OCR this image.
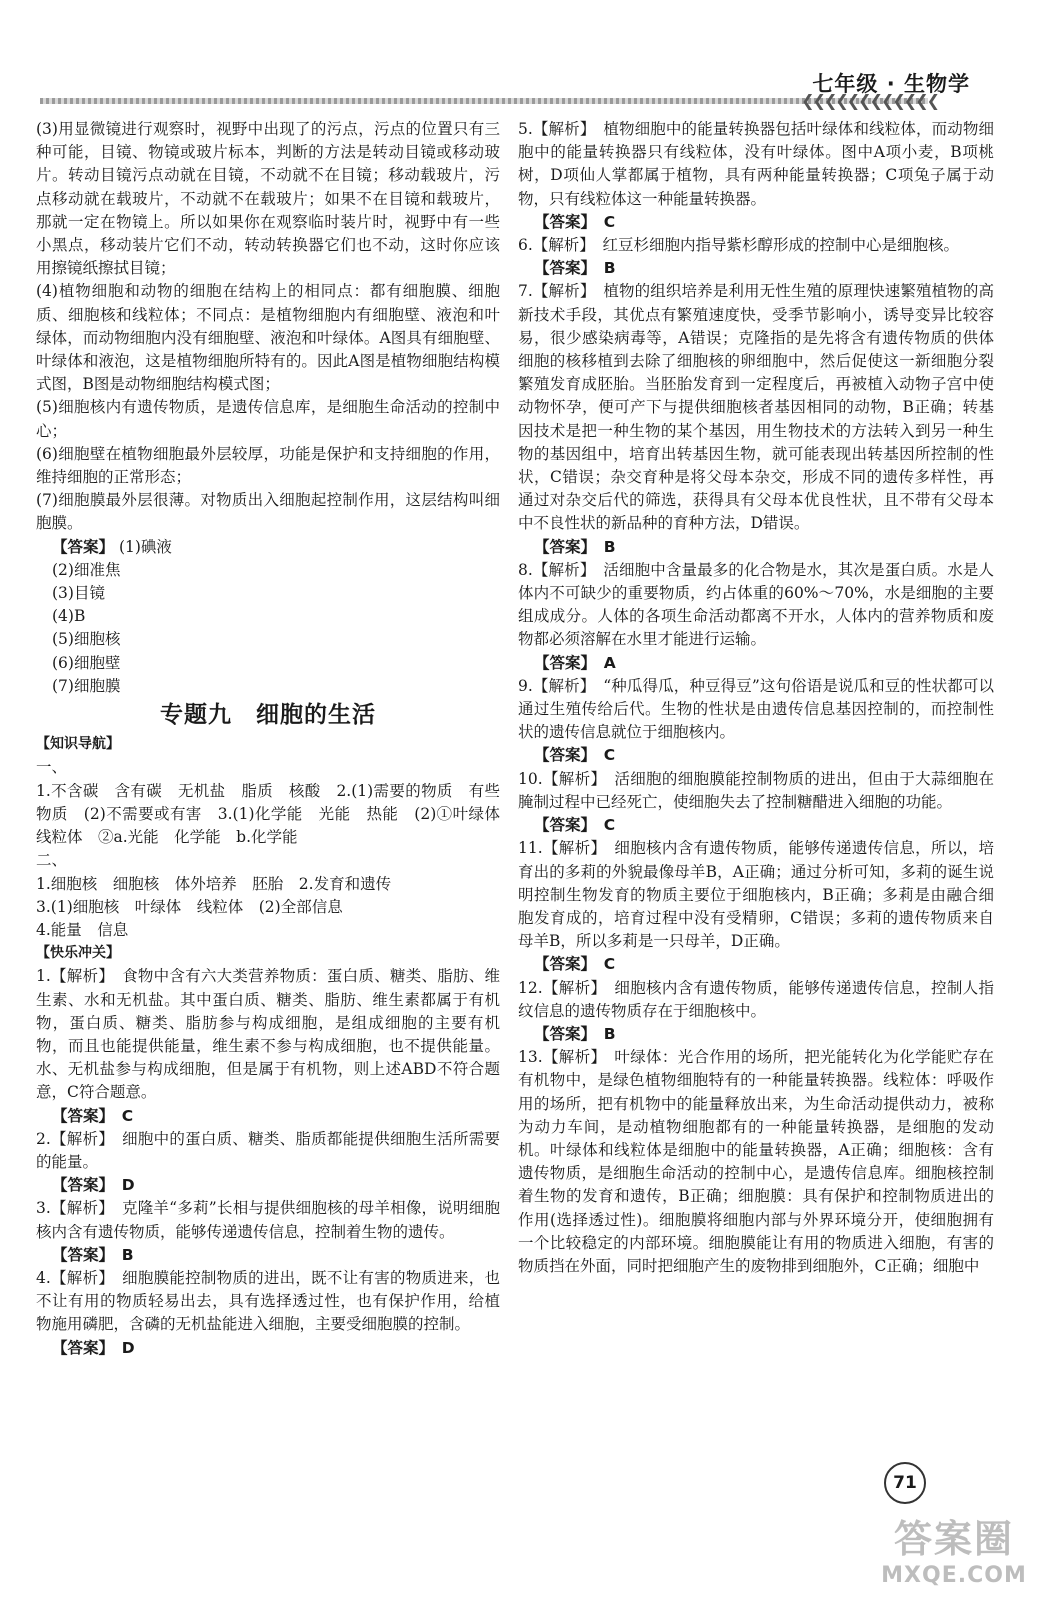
❮❮❮❮❮❮❮❮❮❮❮❮
七年级 · 生物学

(3)用显微镜进行观察时，视野中出现了的污点，污点的位置只有三种可能，目镜、物镜或玻片标本，判断的方法是转动目镜或移动玻片。转动目镜污点动就在目镜，不动就不在目镜；移动载玻片，污点移动就在载玻片，不动就不在载玻片；如果不在目镜和载玻片，那就一定在物镜上。所以如果你在观察临时装片时，视野中有一些小黑点，移动装片它们不动，转动转换器它们也不动，这时你应该用擦镜纸擦拭目镜；

(4)植物细胞和动物的细胞在结构上的相同点：都有细胞膜、细胞质、细胞核和线粒体；不同点：是植物细胞内有细胞壁、液泡和叶绿体，而动物细胞内没有细胞壁、液泡和叶绿体。A图具有细胞壁、叶绿体和液泡，这是植物细胞所特有的。因此A图是植物细胞结构模式图，B图是动物细胞结构模式图；

(5)细胞核内有遗传物质，是遗传信息库，是细胞生命活动的控制中心；

(6)细胞壁在植物细胞最外层较厚，功能是保护和支持细胞的作用，维持细胞的正常形态；

(7)细胞膜最外层很薄。对物质出入细胞起控制作用，这层结构叫细胞膜。

【答案】 (1)碘液

(2)细准焦

(3)目镜

(4)B

(5)细胞核

(6)细胞壁

(7)细胞膜

专题九　细胞的生活

【知识导航】

一、

1.不含碳　含有碳　无机盐　脂质　核酸　2.(1)需要的物质　有些物质　(2)不需要或有害　3.(1)化学能　光能　热能　(2)①叶绿体　线粒体　②a.光能　化学能　b.化学能

二、

1.细胞核　细胞核　体外培养　胚胎　2.发育和遗传

3.(1)细胞核　叶绿体　线粒体　(2)全部信息

4.能量　信息

【快乐冲关】

1.【解析】　食物中含有六大类营养物质：蛋白质、糖类、脂肪、维生素、水和无机盐。其中蛋白质、糖类、脂肪、维生素都属于有机物，蛋白质、糖类、脂肪参与构成细胞，是组成细胞的主要有机物，而且也能提供能量，维生素不参与构成细胞，也不提供能量。水、无机盐参与构成细胞，但是属于有机物，则上述ABD不符合题意，C符合题意。

【答案】　C

2.【解析】　细胞中的蛋白质、糖类、脂质都能提供细胞生活所需要的能量。

【答案】　D

3.【解析】　克隆羊“多莉”长相与提供细胞核的母羊相像，说明细胞核内含有遗传物质，能够传递遗传信息，控制着生物的遗传。

【答案】　B

4.【解析】　细胞膜能控制物质的进出，既不让有害的物质进来，也不让有用的物质轻易出去，具有选择透过性，也有保护作用，给植物施用磷肥，含磷的无机盐能进入细胞，主要受细胞膜的控制。

【答案】　D

5.【解析】　植物细胞中的能量转换器包括叶绿体和线粒体，而动物细胞中的能量转换器只有线粒体，没有叶绿体。图中A项小麦，B项桃树，D项仙人掌都属于植物，具有两种能量转换器；C项兔子属于动物，只有线粒体这一种能量转换器。

【答案】　C

6.【解析】　红豆杉细胞内指导紫杉醇形成的控制中心是细胞核。

【答案】　B

7.【解析】　植物的组织培养是利用无性生殖的原理快速繁殖植物的高新技术手段，其优点有繁殖速度快，受季节影响小，诱导变异比较容易，很少感染病毒等，A错误；克隆指的是先将含有遗传物质的供体细胞的核移植到去除了细胞核的卵细胞中，然后促使这一新细胞分裂繁殖发育成胚胎。当胚胎发育到一定程度后，再被植入动物子宫中使动物怀孕，便可产下与提供细胞核者基因相同的动物，B正确；转基因技术是把一种生物的某个基因，用生物技术的方法转入到另一种生物的基因组中，培育出转基因生物，就可能表现出转基因所控制的性状，C错误；杂交育种是将父母本杂交，形成不同的遗传多样性，再通过对杂交后代的筛选，获得具有父母本优良性状，且不带有父母本中不良性状的新品种的育种方法，D错误。

【答案】　B

8.【解析】　活细胞中含量最多的化合物是水，其次是蛋白质。水是人体内不可缺少的重要物质，约占体重的60%～70%，水是细胞的主要组成成分。人体的各项生命活动都离不开水，人体内的营养物质和废物都必须溶解在水里才能进行运输。

【答案】　A

9.【解析】　“种瓜得瓜，种豆得豆”这句俗语是说瓜和豆的性状都可以通过生殖传给后代。生物的性状是由遗传信息基因控制的，而控制性状的遗传信息就位于细胞核内。

【答案】　C

10.【解析】　活细胞的细胞膜能控制物质的进出，但由于大蒜细胞在腌制过程中已经死亡，使细胞失去了控制糖醋进入细胞的功能。

【答案】　C

11.【解析】　细胞核内含有遗传物质，能够传递遗传信息，所以，培育出的多莉的外貌最像母羊B，A正确；通过分析可知，多莉的诞生说明控制生物发育的物质主要位于细胞核内，B正确；多莉是由融合细胞发育成的，培育过程中没有受精卵，C错误；多莉的遗传物质来自母羊B，所以多莉是一只母羊，D正确。

【答案】　C

12.【解析】　细胞核内含有遗传物质，能够传递遗传信息，控制人指纹信息的遗传物质存在于细胞核中。

【答案】　B

13.【解析】　叶绿体：光合作用的场所，把光能转化为化学能贮存在有机物中，是绿色植物细胞特有的一种能量转换器。线粒体：呼吸作用的场所，把有机物中的能量释放出来，为生命活动提供动力，被称为动力车间，是动植物细胞都有的一种能量转换器，是细胞的发动机。叶绿体和线粒体是细胞中的能量转换器，A正确；细胞核：含有遗传物质，是细胞生命活动的控制中心，是遗传信息库。细胞核控制着生物的发育和遗传，B正确；细胞膜：具有保护和控制物质进出的作用(选择透过性)。细胞膜将细胞内部与外界环境分开，使细胞拥有一个比较稳定的内部环境。细胞膜能让有用的物质进入细胞，有害的物质挡在外面，同时把细胞产生的废物排到细胞外，C正确；细胞中

71
答案圈
MXQE.COM
